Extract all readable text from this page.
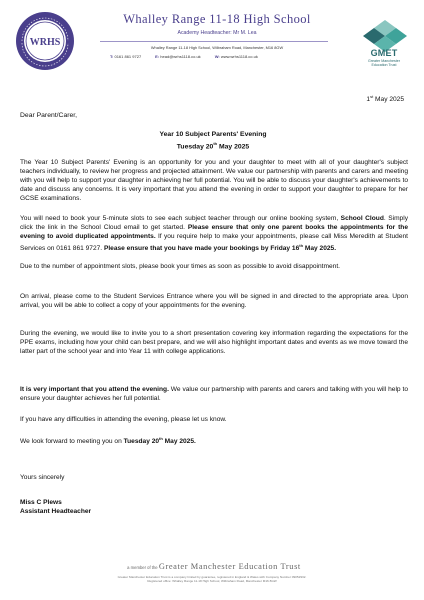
WRHS
Whalley Range 11-18 High School
Academy Headteacher: Mr M. Lea
Whalley Range 11-18 High School, Wilbraham Road, Manchester, M16 8GW
T: 0161 861 9727	E: head@wrhs1118.co.uk	W: www.wrhs1118.co.uk	GMET
Greater Manchester
Education Trust
1st May 2025
Dear Parent/Carer,
Year 10 Subject Parents' Evening
Tuesday 20th May 2025
The Year 10 Subject Parents' Evening is an opportunity for you and your daughter to meet with all of your daughter's subject teachers individually, to review her progress and projected attainment. We value our partnership with parents and carers and meeting with you will help to support your daughter in achieving her full potential. You will be able to discuss your daughter's achievements to date and discuss any concerns. It is very important that you attend the evening in order to support your daughter to prepare for her GCSE examinations.
You will need to book your 5-minute slots to see each subject teacher through our online booking system, School Cloud. Simply click the link in the School Cloud email to get started. Please ensure that only one parent books the appointments for the evening to avoid duplicated appointments. If you require help to make your appointments, please call Miss Meredith at Student Services on 0161 861 9727. Please ensure that you have made your bookings by Friday 16th May 2025.
Due to the number of appointment slots, please book your times as soon as possible to avoid disappointment.
On arrival, please come to the Student Services Entrance where you will be signed in and directed to the appropriate area. Upon arrival, you will be able to collect a copy of your appointments for the evening.
During the evening, we would like to invite you to a short presentation covering key information regarding the expectations for the PPE exams, including how your child can best prepare, and we will also highlight important dates and events as we move toward the latter part of the school year and into Year 11 with college applications.
It is very important that you attend the evening. We value our partnership with parents and carers and talking with you will help to ensure your daughter achieves her full potential.
If you have any difficulties in attending the evening, please let us know.
We look forward to meeting you on Tuesday 20th May 2025.
Yours sincerely
Miss C Plews
Assistant Headteacher
a member of the Greater Manchester Education Trust
Greater Manchester Education Trust is a company limited by guarantee, registered in England & Wales with Company Number 09052932.
Registered office: Whalley Range 11-18 High School, Wilbraham Road, Manchester M16 8GW
